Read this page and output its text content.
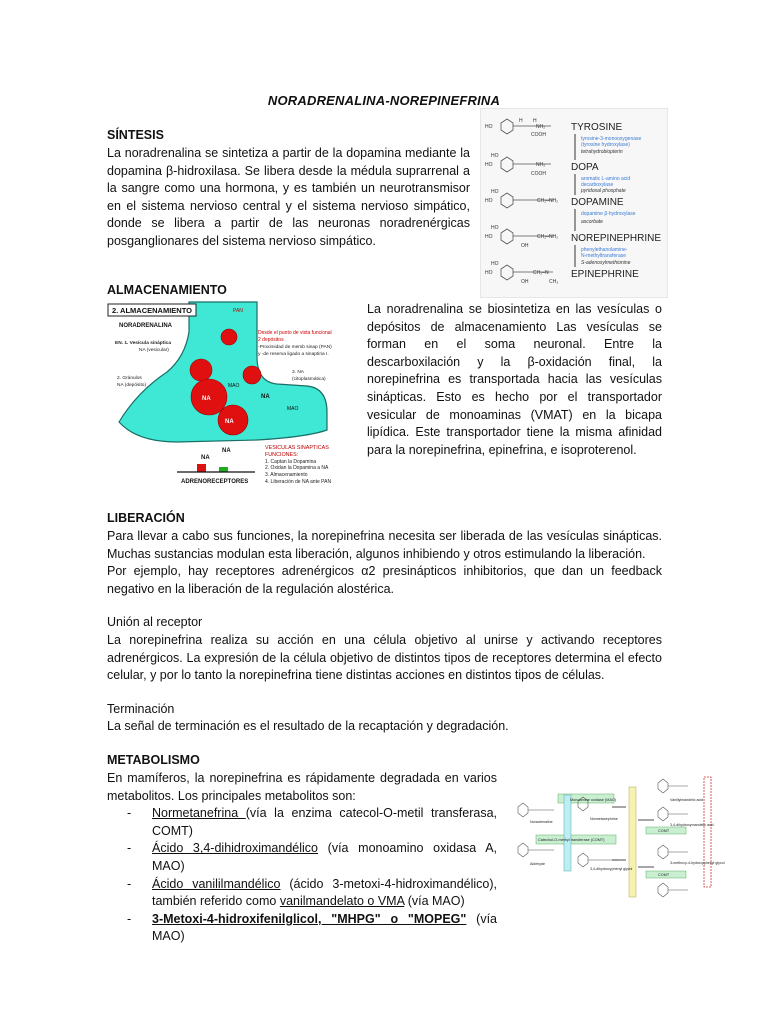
NORADRENALINA-NOREPINEFRINA
SÍNTESIS
La noradrenalina se sintetiza a partir de la dopamina mediante la dopamina β-hidroxilasa. Se libera desde la médula suprarrenal a la sangre como una hormona, y es también un neurotransmisor en el sistema nervioso central y el sistema nervioso simpático, donde se libera a partir de las neuronas noradrenérgicas posganglionares del sistema nervioso simpático.
HO
H H
NH₂
COOH
HO
HO	NH₂
COOH
HO
HO	CH₂–NH₂
HO
HO	CH₂–NH₂
OH
HO
HO	CH₂–N
OH	CH₃
TYROSINE
DOPA
DOPAMINE
NOREPINEPHRINE
EPINEPHRINE
tyrosine-3-monooxygenase
(tyrosine hydroxylase)
aromatic L-amino acid
decarboxylase
dopamine β-hydroxylase
phenylethanolamine-
N-methyltransferase
tetrahydrobiopterin
pyridoxal phosphate
ascorbate
S-adenosylmethionine
ALMACENAMIENTO
2. ALMACENAMIENTO
NORADRENALINA
PAN
Desde el punto de vista funcional
2 depósitos
-Proximidad de memb sinap (PAN)
y -de reserva ligado a sinaptina I.
EN. 1. Vesícula sináptica
NA (vesicular)
2. Gránulos
NA (depósito)
3. NA
(citoplasmática)
MAO
MAO
NA
NA
NA
NA
NA
ADRENORECEPTORES
VESICULAS SINAPTICAS
FUNCIONES:
1. Captan la Dopamina
2. Oxidan la Dopamina a NA
3. Almacenamiento
4. Liberación de NA ante PAN
La noradrenalina se biosintetiza en las vesículas o depósitos de almacenamiento Las vesículas se forman en el soma neuronal. Entre la descarboxilación y la β-oxidación final, la norepinefrina es transportada hacia las vesículas sinápticas. Esto es hecho por el transportador vesicular de monoaminas (VMAT) en la bicapa lipídica. Este transportador tiene la misma afinidad para la norepinefrina, epinefrina, e isoproterenol.
LIBERACIÓN

Para llevar a cabo sus funciones, la norepinefrina necesita ser liberada de las vesículas sinápticas. Muchas sustancias modulan esta liberación, algunos inhibiendo y otros estimulando la liberación.

Por ejemplo, hay receptores adrenérgicos α2 presinápticos inhibitorios, que dan un feedback negativo en la liberación de la regulación alostérica.

Unión al receptor
La norepinefrina realiza su acción en una célula objetivo al unirse y activando receptores adrenérgicos. La expresión de la célula objetivo de distintos tipos de receptores determina el efecto celular, y por lo tanto la norepinefrina tiene distintas acciones en distintos tipos de células.
Terminación
La señal de terminación es el resultado de la recaptación y degradación.
METABOLISMO

En mamíferos, la norepinefrina es rápidamente degradada en varios metabolitos. Los principales metabolitos son:

- Normetanefrina (vía la enzima catecol-O-metil transferasa, COMT)
- Ácido 3,4-dihidroximandélico (vía monoamino oxidasa A, MAO)
- Ácido vanililmandélico (ácido 3-metoxi-4-hidroximandélico), también referido como vanilmandelato o VMA (vía MAO)
- 3-Metoxi-4-hidroxifenilglicol, "MHPG" o "MOPEG" (vía MAO)
Noradrenaline
Normetanephrine
3,4-dihydroxyphenyl glycol
Vanillylmandelic acid
3,4-dihydroxymandelic acid
3-methoxy-4-hydroxyphenyl glycol
Aldehyde
Monoamine oxidase (MAO)
Catechol-O-methyl transferase (COMT)
COMT
COMT
